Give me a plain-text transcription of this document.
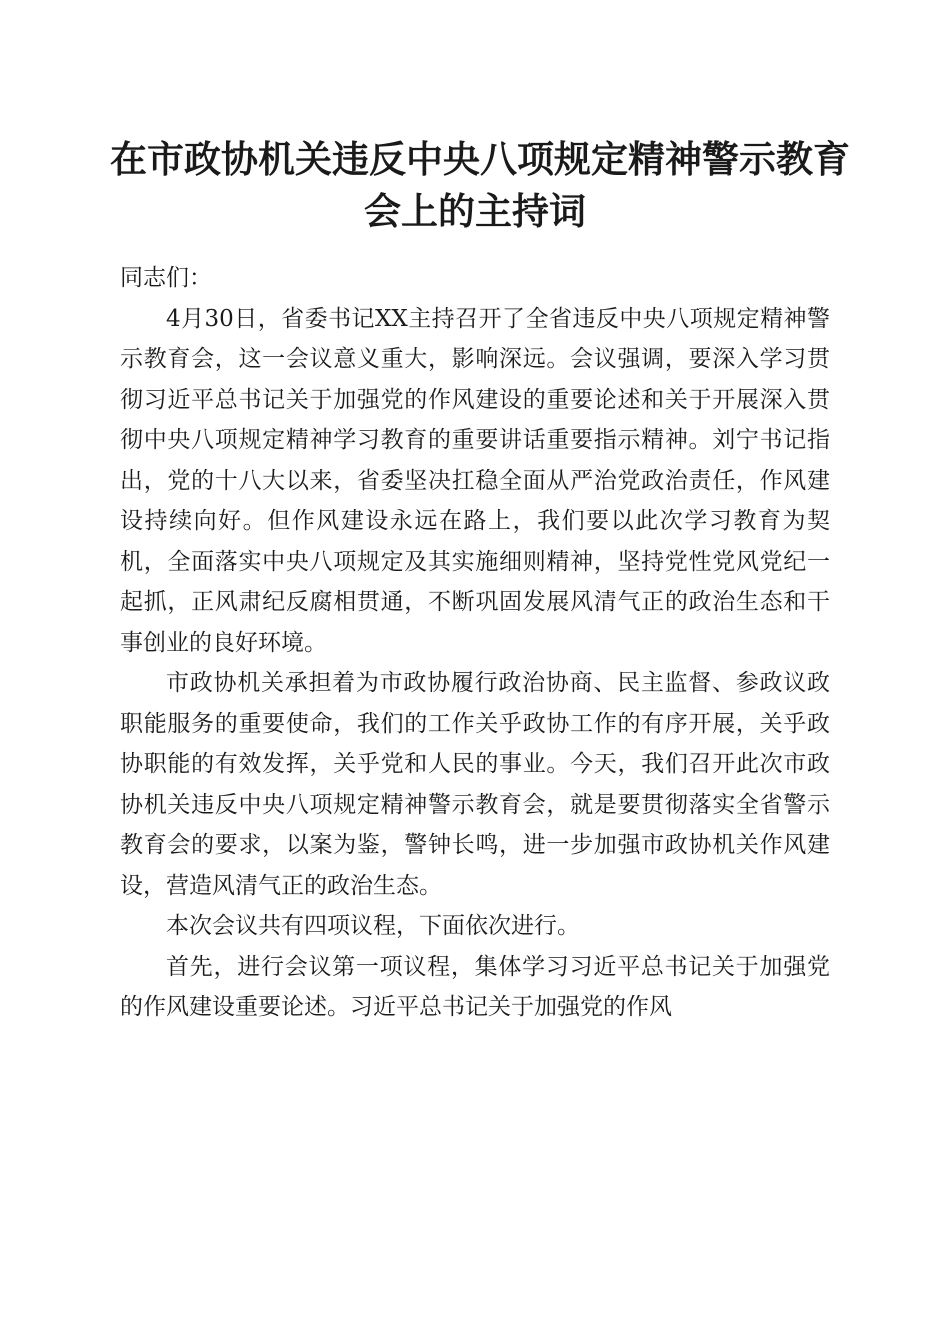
在市政协机关违反中央八项规定精神警示教育
会上的主持词

同志们：

4月30日，省委书记XX主持召开了全省违反中央八项规定精神警示教育会，这一会议意义重大，影响深远。会议强调，要深入学习贯彻习近平总书记关于加强党的作风建设的重要论述和关于开展深入贯彻中央八项规定精神学习教育的重要讲话重要指示精神。刘宁书记指出，党的十八大以来，省委坚决扛稳全面从严治党政治责任，作风建设持续向好。但作风建设永远在路上，我们要以此次学习教育为契机，全面落实中央八项规定及其实施细则精神，坚持党性党风党纪一起抓，正风肃纪反腐相贯通，不断巩固发展风清气正的政治生态和干事创业的良好环境。

市政协机关承担着为市政协履行政治协商、民主监督、参政议政职能服务的重要使命，我们的工作关乎政协工作的有序开展，关乎政协职能的有效发挥，关乎党和人民的事业。今天，我们召开此次市政协机关违反中央八项规定精神警示教育会，就是要贯彻落实全省警示教育会的要求，以案为鉴，警钟长鸣，进一步加强市政协机关作风建设，营造风清气正的政治生态。

本次会议共有四项议程，下面依次进行。

首先，进行会议第一项议程，集体学习习近平总书记关于加强党的作风建设重要论述。习近平总书记关于加强党的作风
